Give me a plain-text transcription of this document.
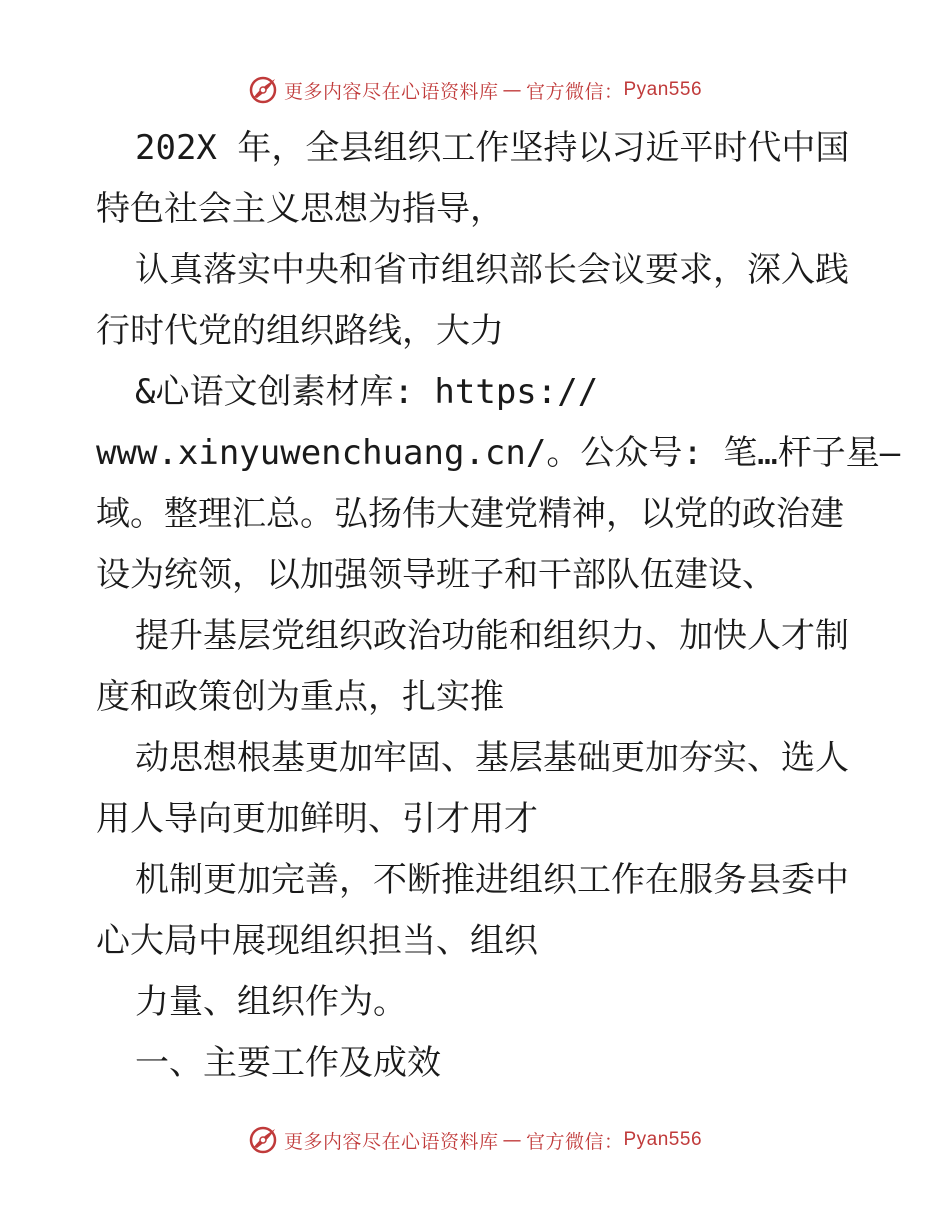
更多内容尽在心语资料库 — 官方微信： Pyan556
202X 年，全县组织工作坚持以习近平时代中国
特色社会主义思想为指导，
认真落实中央和省市组织部长会议要求，深入践
行时代党的组织路线，大力
&心语文创素材库: https://
www.xinyuwenchuang.cn/。公众号: 笔…杆子星—
域。整理汇总。弘扬伟大建党精神，以党的政治建
设为统领，以加强领导班子和干部队伍建设、
提升基层党组织政治功能和组织力、加快人才制
度和政策创为重点，扎实推
动思想根基更加牢固、基层基础更加夯实、选人
用人导向更加鲜明、引才用才
机制更加完善，不断推进组织工作在服务县委中
心大局中展现组织担当、组织
力量、组织作为。
一、主要工作及成效
更多内容尽在心语资料库 — 官方微信： Pyan556
